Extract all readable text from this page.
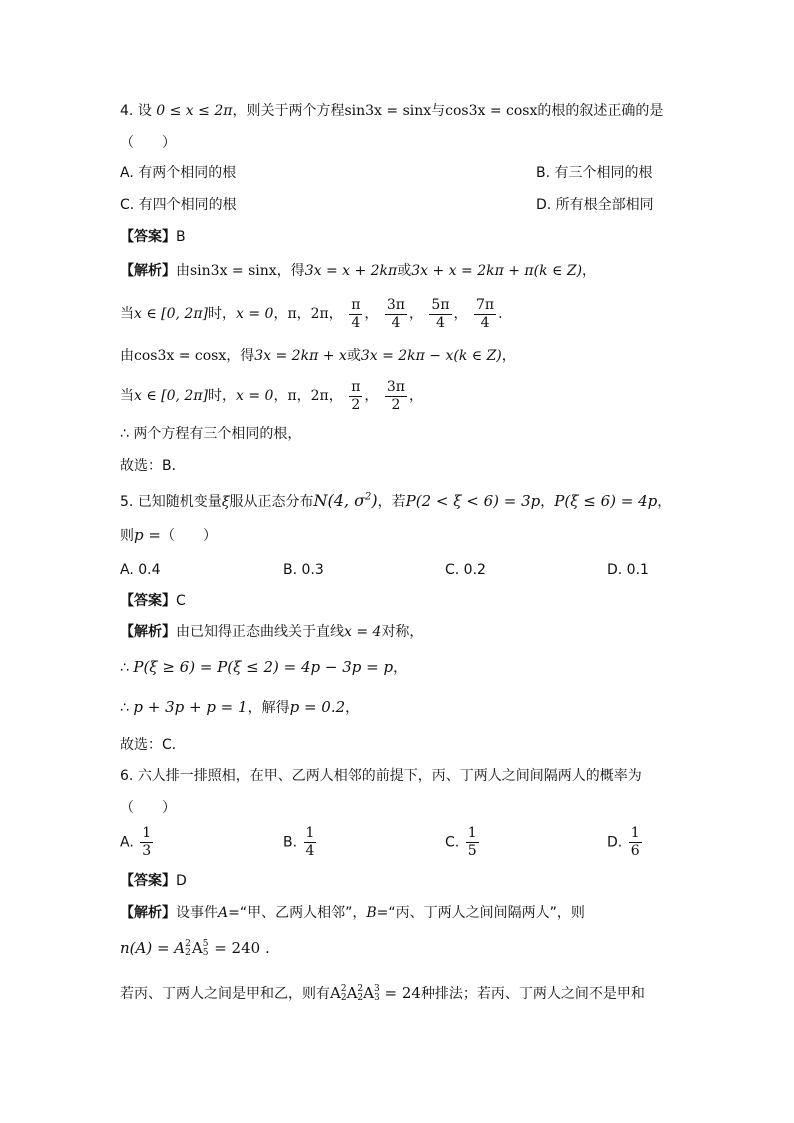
4. 设 0 ≤ x ≤ 2π，则关于两个方程sin3x = sinx与cos3x = cosx的根的叙述正确的是
（　　）
A. 有两个相同的根	B. 有三个相同的根
C. 有四个相同的根	D. 所有根全部相同
【答案】B
【解析】由sin3x = sinx，得3x = x + 2kπ或3x + x = 2kπ + π(k ∈ Z)，
当x ∈ [0, 2π]时，x = 0，π，2π， $\frac{\pi}{4}$ ， $\frac{3\pi}{4}$ ， $\frac{5\pi}{4}$ ， $\frac{7\pi}{4}$ .
由cos3x = cosx，得3x = 2kπ + x或3x = 2kπ − x(k ∈ Z)，
当x ∈ [0, 2π]时，x = 0，π，2π， $\frac{\pi}{2}$ ， $\frac{3\pi}{2}$ ，
∴ 两个方程有三个相同的根，
故选：B．
5. 已知随机变量ξ服从正态分布N(4, $\sigma^2$)，若P(2 < ξ < 6) = 3p，P(ξ ≤ 6) = 4p，
则p =（　　）
A. 0.4	B. 0.3	C. 0.2	D. 0.1
【答案】C
【解析】由已知得正态曲线关于直线x = 4对称，
∴ P(ξ ≥ 6) = P(ξ ≤ 2) = 4p − 3p = p，
∴ p + 3p + p = 1，解得p = 0.2，
故选：C．
6. 六人排一排照相，在甲、乙两人相邻的前提下，丙、丁两人之间间隔两人的概率为
（　　）
A. $\frac{1}{3}$	B. $\frac{1}{4}$	C. $\frac{1}{5}$	D. $\frac{1}{6}$
【答案】D
【解析】设事件A=“甲、乙两人相邻”，B=“丙、丁两人之间间隔两人”，则
n(A) = A 2
2 A 5
5 = 240 .
若丙、丁两人之间是甲和乙，则有A 2
2 A 2
2 A 3
3 = 24种排法；若丙、丁两人之间不是甲和
